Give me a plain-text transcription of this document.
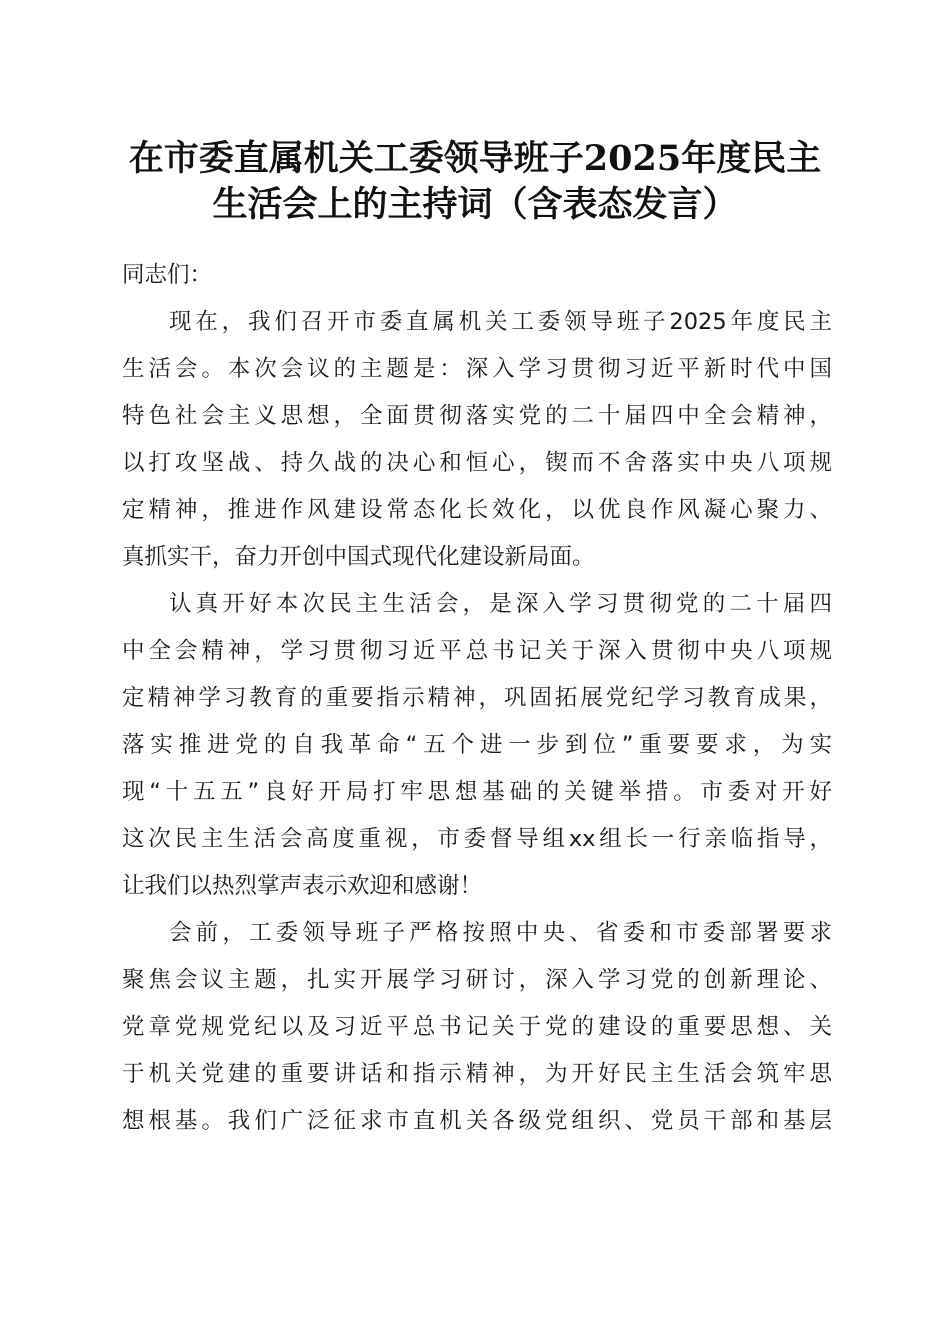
在市委直属机关工委领导班子2025年度民主
生活会上的主持词（含表态发言）
同志们：
现在，我们召开市委直属机关工委领导班子2025年度民主
生活会。本次会议的主题是：深入学习贯彻习近平新时代中国
特色社会主义思想，全面贯彻落实党的二十届四中全会精神，
以打攻坚战、持久战的决心和恒心，锲而不舍落实中央八项规
定精神，推进作风建设常态化长效化，以优良作风凝心聚力、
真抓实干，奋力开创中国式现代化建设新局面。
认真开好本次民主生活会，是深入学习贯彻党的二十届四
中全会精神，学习贯彻习近平总书记关于深入贯彻中央八项规
定精神学习教育的重要指示精神，巩固拓展党纪学习教育成果，
落实推进党的自我革命“五个进一步到位”重要要求，为实
现“十五五”良好开局打牢思想基础的关键举措。市委对开好
这次民主生活会高度重视，市委督导组xx组长一行亲临指导，
让我们以热烈掌声表示欢迎和感谢！
会前，工委领导班子严格按照中央、省委和市委部署要求
聚焦会议主题，扎实开展学习研讨，深入学习党的创新理论、
党章党规党纪以及习近平总书记关于党的建设的重要思想、关
于机关党建的重要讲话和指示精神，为开好民主生活会筑牢思
想根基。我们广泛征求市直机关各级党组织、党员干部和基层
